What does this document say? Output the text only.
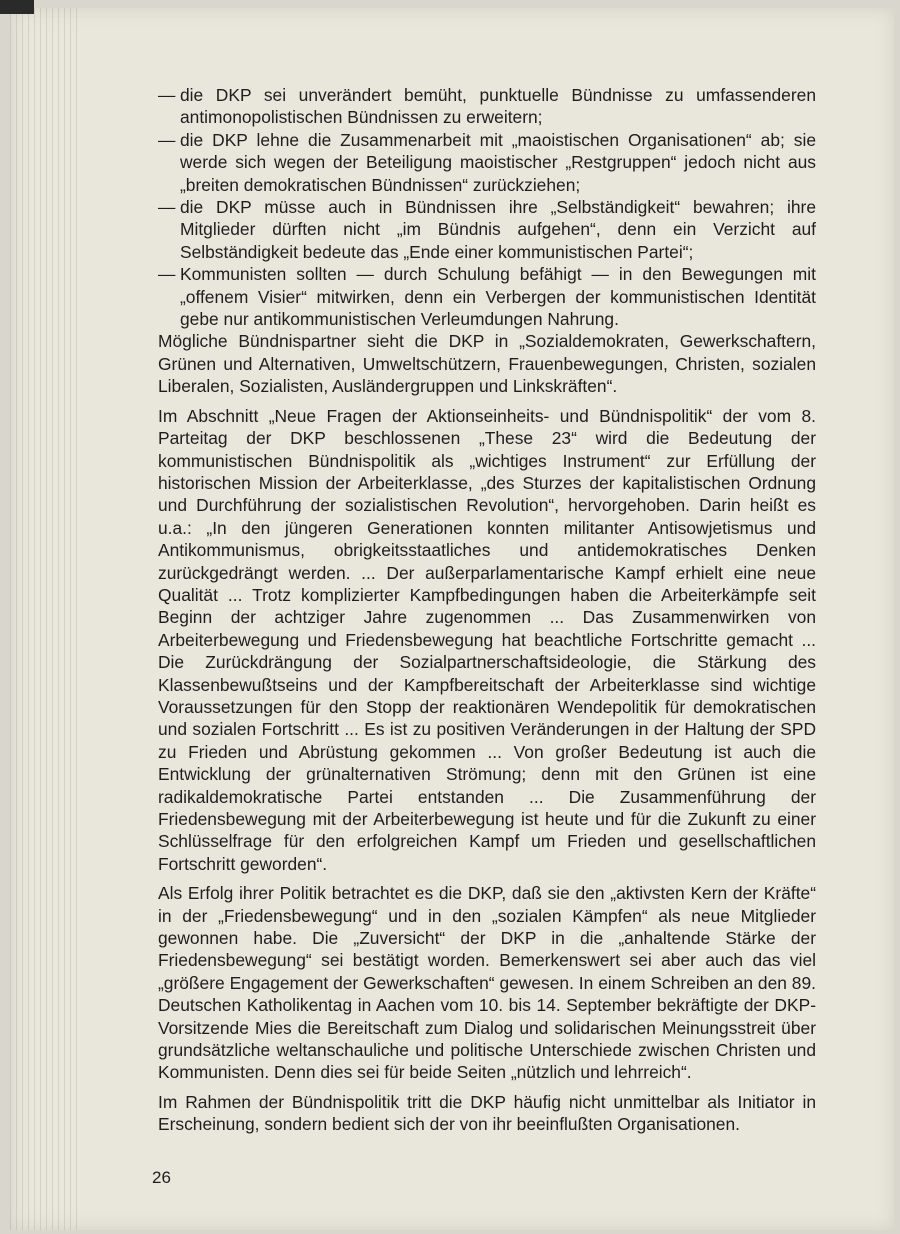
— die DKP sei unverändert bemüht, punktuelle Bündnisse zu umfassenderen antimonopolistischen Bündnissen zu erweitern;

— die DKP lehne die Zusammenarbeit mit „maoistischen Organisationen“ ab; sie werde sich wegen der Beteiligung maoistischer „Restgruppen“ jedoch nicht aus „breiten demokratischen Bündnissen“ zurückziehen;

— die DKP müsse auch in Bündnissen ihre „Selbständigkeit“ bewahren; ihre Mitglieder dürften nicht „im Bündnis aufgehen“, denn ein Verzicht auf Selbständigkeit bedeute das „Ende einer kommunistischen Partei“;

— Kommunisten sollten — durch Schulung befähigt — in den Bewegungen mit „offenem Visier“ mitwirken, denn ein Verbergen der kommunistischen Identität gebe nur antikommunistischen Verleumdungen Nahrung.

Mögliche Bündnispartner sieht die DKP in „Sozialdemokraten, Gewerkschaftern, Grünen und Alternativen, Umweltschützern, Frauenbewegungen, Christen, sozialen Liberalen, Sozialisten, Ausländergruppen und Linkskräften“.

Im Abschnitt „Neue Fragen der Aktionseinheits- und Bündnispolitik“ der vom 8. Parteitag der DKP beschlossenen „These 23“ wird die Bedeutung der kommunistischen Bündnispolitik als „wichtiges Instrument“ zur Erfüllung der historischen Mission der Arbeiterklasse, „des Sturzes der kapitalistischen Ordnung und Durchführung der sozialistischen Revolution“, hervorgehoben. Darin heißt es u.a.: „In den jüngeren Generationen konnten militanter Antisowjetismus und Antikommunismus, obrigkeitsstaatliches und antidemokratisches Denken zurückgedrängt werden. ... Der außerparlamentarische Kampf erhielt eine neue Qualität ... Trotz komplizierter Kampfbedingungen haben die Arbeiterkämpfe seit Beginn der achtziger Jahre zugenommen ... Das Zusammenwirken von Arbeiterbewegung und Friedensbewegung hat beachtliche Fortschritte gemacht ... Die Zurückdrängung der Sozialpartnerschaftsideologie, die Stärkung des Klassenbewußtseins und der Kampfbereitschaft der Arbeiterklasse sind wichtige Voraussetzungen für den Stopp der reaktionären Wendepolitik für demokratischen und sozialen Fortschritt ... Es ist zu positiven Veränderungen in der Haltung der SPD zu Frieden und Abrüstung gekommen ... Von großer Bedeutung ist auch die Entwicklung der grünalternativen Strömung; denn mit den Grünen ist eine radikaldemokratische Partei entstanden ... Die Zusammenführung der Friedensbewegung mit der Arbeiterbewegung ist heute und für die Zukunft zu einer Schlüsselfrage für den erfolgreichen Kampf um Frieden und gesellschaftlichen Fortschritt geworden“.

Als Erfolg ihrer Politik betrachtet es die DKP, daß sie den „aktivsten Kern der Kräfte“ in der „Friedensbewegung“ und in den „sozialen Kämpfen“ als neue Mitglieder gewonnen habe. Die „Zuversicht“ der DKP in die „anhaltende Stärke der Friedensbewegung“ sei bestätigt worden. Bemerkenswert sei aber auch das viel „größere Engagement der Gewerkschaften“ gewesen. In einem Schreiben an den 89. Deutschen Katholikentag in Aachen vom 10. bis 14. September bekräftigte der DKP-Vorsitzende Mies die Bereitschaft zum Dialog und solidarischen Meinungsstreit über grundsätzliche weltanschauliche und politische Unterschiede zwischen Christen und Kommunisten. Denn dies sei für beide Seiten „nützlich und lehrreich“.

Im Rahmen der Bündnispolitik tritt die DKP häufig nicht unmittelbar als Initiator in Erscheinung, sondern bedient sich der von ihr beeinflußten Organisationen.

26
